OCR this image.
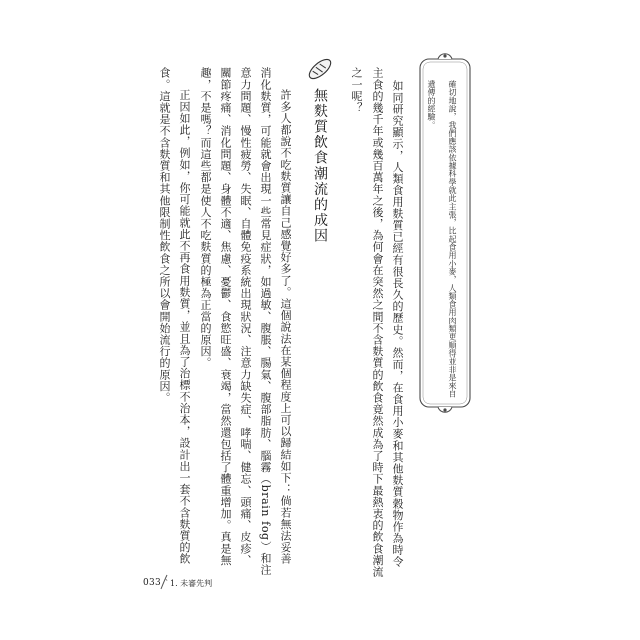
確切地說，我們應該依據科學就此主張，比起食用小麥，人類食用肉類更順得並非是來自
遺傳的經驗。
如同研究顯示，人類食用麩質已經有很長久的歷史。然而，在食用小麥和其他麩質穀物作為時令
主食的幾千年或幾百萬年之後，為何會在突然之間不含麩質的飲食竟然成為了時下最熱衷的飲食潮流
之一呢？
無麩質飲食潮流的成因
許多人都說不吃麩質讓自己感覺好多了。這個說法在某個程度上可以歸結如下：倘若無法妥善
消化麩質，可能就會出現一些常見症狀，如過敏、腹脹、腸氣、腹部脂肪、腦霧（brain fog）和注
意力問題、慢性疲勞、失眠、自體免疫系統出現狀況、注意力缺失症、哮喘、健忘、頭痛、皮疹、
關節疼痛、消化問題、身體不適、焦慮、憂鬱、食慾旺盛、衰竭，當然還包括了體重增加。真是無
趣，不是嗎？而這些都是使人不吃麩質的極為正當的原因。
正因如此，例如，你可能就此不再食用麩質，並且為了治標不治本，設計出一套不含麩質的飲
食。這就是不含麩質和其他限制性飲食之所以會開始流行的原因。
033 1. 未審先判
